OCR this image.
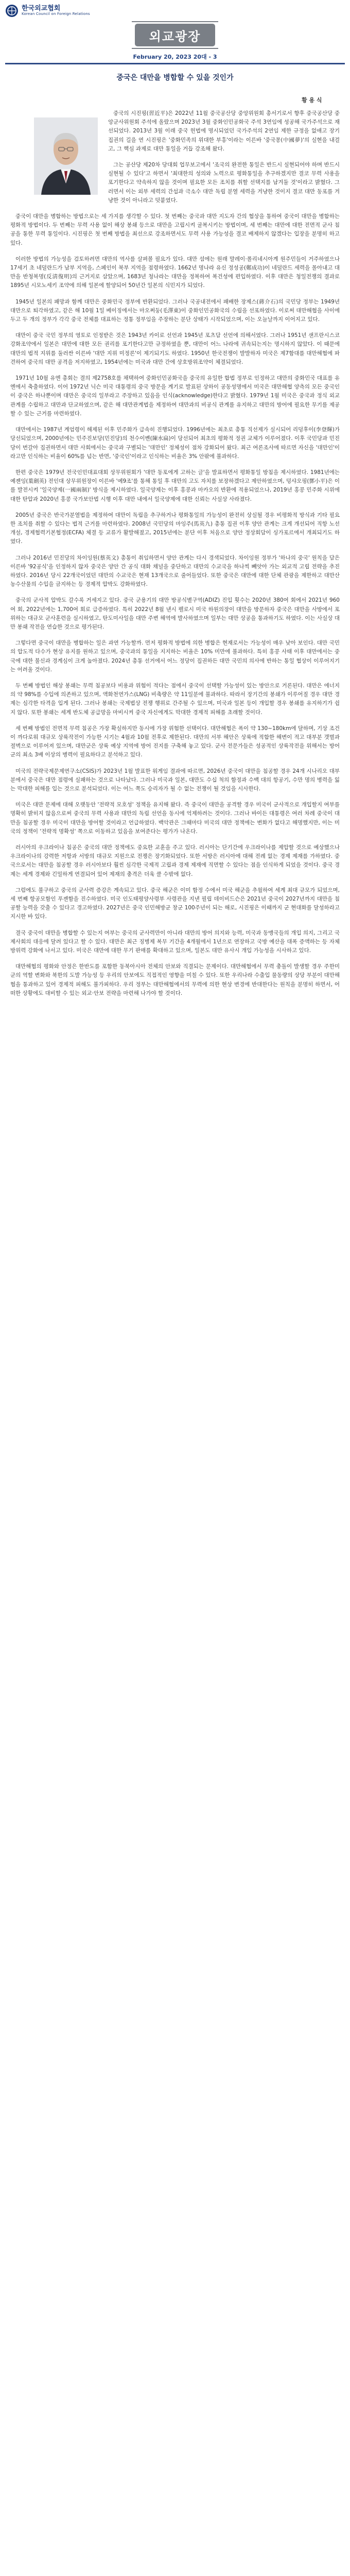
한국외교협회
Korean Council on Foreign Relations
외교광장
February 20, 2023 20대 - 3
중국은 대만을 병합할 수 있을 것인가
황 용 식

중국의 시진핑(習近平)은 2022년 11월 중국공산당 중앙위원회 총서기로서 향후 중국공산당 중앙군사위원회 주석에 올랐으며 2023년 3월 중화인민공화국 주석 3연임에 성공해 국가주석으로 재선되었다. 2013년 3월 이래 중국 헌법에 명시되었던 국가주석의 2연임 제한 규정을 없애고 장기 집권의 길을 연 시진핑은 '중화민족의 위대한 부흥'이라는 이른바 '중국몽(中國夢)'의 실현을 내걸고, 그 핵심 과제로 대만 통일을 거듭 강조해 왔다.

그는 공산당 제20차 당대회 업무보고에서 '조국의 완전한 통일은 반드시 실현되어야 하며 반드시 실현될 수 있다'고 하면서 '최대한의 성의와 노력으로 평화통일을 추구하겠지만 결코 무력 사용을 포기한다고 약속하지 않을 것이며 필요한 모든 조치를 취할 선택지를 남겨둘 것'이라고 밝혔다. 그러면서 이는 외부 세력의 간섭과 극소수 대만 독립 분열 세력을 겨냥한 것이지 결코 대만 동포를 겨냥한 것이 아니라고 덧붙였다.

중국이 대만을 병합하는 방법으로는 세 가지를 생각할 수 있다. 첫 번째는 중국과 대만 지도자 간의 협상을 통하여 중국이 대만을 병합하는 평화적 방법이다. 두 번째는 무력 사용 없이 해상 봉쇄 등으로 대만을 고립시켜 굴복시키는 방법이며, 세 번째는 대만에 대한 전면적 군사 침공을 통한 무력 통일이다. 시진핑은 첫 번째 방법을 최선으로 강조하면서도 무력 사용 가능성을 결코 배제하지 않겠다는 입장을 분명히 하고 있다.

이러한 방법의 가능성을 검토하려면 대만의 역사를 살펴볼 필요가 있다. 대만 섬에는 원래 말레이·폴리네시아계 원주민들이 거주하였으나 17세기 초 네덜란드가 남부 지역을, 스페인이 북부 지역을 점령하였다. 1662년 명나라 유신 정성공(鄭成功)이 네덜란드 세력을 몰아내고 대만을 반청복명(反淸復明)의 근거지로 삼았으며, 1683년 청나라는 대만을 정복하여 복건성에 편입하였다. 이후 대만은 청일전쟁의 결과로 1895년 시모노세키 조약에 의해 일본에 할양되어 50년간 일본의 식민지가 되었다.

1945년 일본의 패망과 함께 대만은 중화민국 정부에 반환되었다. 그러나 국공내전에서 패배한 장제스(蔣介石)의 국민당 정부는 1949년 대만으로 퇴각하였고, 같은 해 10월 1일 베이징에서는 마오쩌둥(毛澤東)이 중화인민공화국의 수립을 선포하였다. 이로써 대만해협을 사이에 두고 두 개의 정부가 각각 중국 전체를 대표하는 정통 정부임을 주장하는 분단 상태가 시작되었으며, 이는 오늘날까지 이어지고 있다.

대만이 중국 국민 정부의 영토로 인정받은 것은 1943년 카이로 선언과 1945년 포츠담 선언에 의해서였다. 그러나 1951년 샌프란시스코 강화조약에서 일본은 대만에 대한 모든 권리를 포기한다고만 규정하였을 뿐, 대만이 어느 나라에 귀속되는지는 명시하지 않았다. 이 때문에 대만의 법적 지위를 둘러싼 이른바 '대만 지위 미정론'이 제기되기도 하였다. 1950년 한국전쟁이 발발하자 미국은 제7함대를 대만해협에 파견하여 중국의 대만 공격을 저지하였고, 1954년에는 미국과 대만 간에 상호방위조약이 체결되었다.

1971년 10월 유엔 총회는 결의 제2758호를 채택하여 중화인민공화국을 중국의 유일한 합법 정부로 인정하고 대만의 중화민국 대표를 유엔에서 축출하였다. 이어 1972년 닉슨 미국 대통령의 중국 방문을 계기로 발표된 상하이 공동성명에서 미국은 대만해협 양측의 모든 중국인이 중국은 하나뿐이며 대만은 중국의 일부라고 주장하고 있음을 인식(acknowledge)한다고 밝혔다. 1979년 1월 미국은 중국과 정식 외교관계를 수립하고 대만과 단교하였으며, 같은 해 대만관계법을 제정하여 대만과의 비공식 관계를 유지하고 대만의 방어에 필요한 무기를 제공할 수 있는 근거를 마련하였다.

대만에서는 1987년 계엄령이 해제된 이후 민주화가 급속히 진행되었다. 1996년에는 최초로 총통 직선제가 실시되어 리덩후이(李登輝)가 당선되었으며, 2000년에는 민주진보당(민진당)의 천수이볜(陳水扁)이 당선되어 최초의 평화적 정권 교체가 이루어졌다. 이후 국민당과 민진당이 번갈아 집권하면서 대만 사회에서는 중국과 구별되는 '대만인' 정체성이 점차 강화되어 왔다. 최근 여론조사에 따르면 자신을 '대만인'이라고만 인식하는 비율이 60%를 넘는 반면, '중국인'이라고 인식하는 비율은 3% 안팎에 불과하다.

한편 중국은 1979년 전국인민대표대회 상무위원회가 '대만 동포에게 고하는 글'을 발표하면서 평화통일 방침을 제시하였다. 1981년에는 예젠잉(葉劍英) 전인대 상무위원장이 이른바 '예9조'를 통해 통일 후 대만의 고도 자치를 보장하겠다고 제안하였으며, 덩샤오핑(鄧小平)은 이를 발전시켜 '일국양제(一國兩制)' 방식을 제시하였다. 일국양제는 이후 홍콩과 마카오의 반환에 적용되었으나, 2019년 홍콩 민주화 시위에 대한 탄압과 2020년 홍콩 국가보안법 시행 이후 대만 내에서 일국양제에 대한 신뢰는 사실상 사라졌다.

2005년 중국은 반국가분열법을 제정하여 대만이 독립을 추구하거나 평화통일의 가능성이 완전히 상실될 경우 비평화적 방식과 기타 필요한 조치를 취할 수 있다는 법적 근거를 마련하였다. 2008년 국민당의 마잉주(馬英九) 총통 집권 이후 양안 관계는 크게 개선되어 직항 노선 개설, 경제협력기본협정(ECFA) 체결 등 교류가 활발해졌고, 2015년에는 분단 이후 처음으로 양안 정상회담이 싱가포르에서 개최되기도 하였다.

그러나 2016년 민진당의 차이잉원(蔡英文) 총통이 취임하면서 양안 관계는 다시 경색되었다. 차이잉원 정부가 '하나의 중국' 원칙을 담은 이른바 '92공식'을 인정하지 않자 중국은 양안 간 공식 대화 채널을 중단하고 대만의 수교국을 하나씩 빼앗아 가는 외교적 고립 전략을 추진하였다. 2016년 당시 22개국이었던 대만의 수교국은 현재 13개국으로 줄어들었다. 또한 중국은 대만에 대한 단체 관광을 제한하고 대만산 농수산물의 수입을 금지하는 등 경제적 압박도 강화하였다.

중국의 군사적 압박도 갈수록 거세지고 있다. 중국 군용기의 대만 방공식별구역(ADIZ) 진입 횟수는 2020년 380여 회에서 2021년 960여 회, 2022년에는 1,700여 회로 급증하였다. 특히 2022년 8월 낸시 펠로시 미국 하원의장이 대만을 방문하자 중국은 대만을 사방에서 포위하는 대규모 군사훈련을 실시하였고, 탄도미사일을 대만 주변 해역에 발사하였으며 일부는 대만 상공을 통과하기도 하였다. 이는 사실상 대만 봉쇄 작전을 연습한 것으로 평가된다.

그렇다면 중국이 대만을 병합하는 일은 과연 가능할까. 먼저 평화적 방법에 의한 병합은 현재로서는 가능성이 매우 낮아 보인다. 대만 국민의 압도적 다수가 현상 유지를 원하고 있으며, 중국과의 통일을 지지하는 비율은 10% 미만에 불과하다. 특히 홍콩 사태 이후 대만에서는 중국에 대한 불신과 경계심이 크게 높아졌다. 2024년 총통 선거에서 어느 정당이 집권하든 대만 국민의 의사에 반하는 통일 협상이 이루어지기는 어려울 것이다.

두 번째 방법인 해상 봉쇄는 무력 침공보다 비용과 위험이 적다는 점에서 중국이 선택할 가능성이 있는 방안으로 거론된다. 대만은 에너지의 약 98%를 수입에 의존하고 있으며, 액화천연가스(LNG) 비축량은 약 11일분에 불과하다. 따라서 장기간의 봉쇄가 이루어질 경우 대만 경제는 심각한 타격을 입게 된다. 그러나 봉쇄는 국제법상 전쟁 행위로 간주될 수 있으며, 미국과 일본 등이 개입할 경우 봉쇄를 유지하기가 쉽지 않다. 또한 봉쇄는 세계 반도체 공급망을 마비시켜 중국 자신에게도 막대한 경제적 피해를 초래할 것이다.

세 번째 방법인 전면적 무력 침공은 가장 확실하지만 동시에 가장 위험한 선택이다. 대만해협은 폭이 약 130~180km에 달하며, 기상 조건이 까다로워 대규모 상륙작전이 가능한 시기는 4월과 10월 전후로 제한된다. 대만의 서부 해안은 상륙에 적합한 해변이 적고 대부분 갯벌과 절벽으로 이루어져 있으며, 대만군은 상륙 예상 지역에 방어 진지를 구축해 놓고 있다. 군사 전문가들은 성공적인 상륙작전을 위해서는 방어군의 최소 3배 이상의 병력이 필요하다고 분석하고 있다.

미국의 전략국제문제연구소(CSIS)가 2023년 1월 발표한 워게임 결과에 따르면, 2026년 중국이 대만을 침공할 경우 24개 시나리오 대부분에서 중국은 대만 점령에 실패하는 것으로 나타났다. 그러나 미국과 일본, 대만도 수십 척의 함정과 수백 대의 항공기, 수만 명의 병력을 잃는 막대한 피해를 입는 것으로 분석되었다. 이는 어느 쪽도 승리자가 될 수 없는 전쟁이 될 것임을 시사한다.

미국은 대만 문제에 대해 오랫동안 '전략적 모호성' 정책을 유지해 왔다. 즉 중국이 대만을 공격할 경우 미국이 군사적으로 개입할지 여부를 명확히 밝히지 않음으로써 중국의 무력 사용과 대만의 독립 선언을 동시에 억제하려는 것이다. 그러나 바이든 대통령은 여러 차례 중국이 대만을 침공할 경우 미국이 대만을 방어할 것이라고 언급하였다. 백악관은 그때마다 미국의 대만 정책에는 변화가 없다고 해명했지만, 이는 미국의 정책이 '전략적 명확성' 쪽으로 이동하고 있음을 보여준다는 평가가 나온다.

러시아의 우크라이나 침공은 중국의 대만 정책에도 중요한 교훈을 주고 있다. 러시아는 단기간에 우크라이나를 제압할 것으로 예상했으나 우크라이나의 강력한 저항과 서방의 대규모 지원으로 전쟁은 장기화되었다. 또한 서방은 러시아에 대해 전례 없는 경제 제재를 가하였다. 중국으로서는 대만을 침공할 경우 러시아보다 훨씬 심각한 국제적 고립과 경제 제재에 직면할 수 있다는 점을 인식하게 되었을 것이다. 중국 경제는 세계 경제와 긴밀하게 연결되어 있어 제재의 충격은 더욱 클 수밖에 없다.

그럼에도 불구하고 중국의 군사력 증강은 계속되고 있다. 중국 해군은 이미 함정 수에서 미국 해군을 추월하여 세계 최대 규모가 되었으며, 세 번째 항공모함인 푸젠함을 진수하였다. 미국 인도태평양사령부 사령관을 지낸 필립 데이비드슨은 2021년 중국이 2027년까지 대만을 침공할 능력을 갖출 수 있다고 경고하였다. 2027년은 중국 인민해방군 창군 100주년이 되는 해로, 시진핑은 이때까지 군 현대화를 달성하라고 지시한 바 있다.

결국 중국이 대만을 병합할 수 있는지 여부는 중국의 군사력만이 아니라 대만의 방어 의지와 능력, 미국과 동맹국들의 개입 의지, 그리고 국제사회의 대응에 달려 있다고 할 수 있다. 대만은 최근 징병제 복무 기간을 4개월에서 1년으로 연장하고 국방 예산을 대폭 증액하는 등 자체 방위력 강화에 나서고 있다. 미국은 대만에 대한 무기 판매를 확대하고 있으며, 일본도 대만 유사시 개입 가능성을 시사하고 있다.

대만해협의 평화와 안정은 한반도를 포함한 동북아시아 전체의 안보와 직결되는 문제이다. 대만해협에서 무력 충돌이 발생할 경우 주한미군의 역할 변화와 북한의 도발 가능성 등 우리의 안보에도 직접적인 영향을 미칠 수 있다. 또한 우리나라 수출입 물동량의 상당 부분이 대만해협을 통과하고 있어 경제적 피해도 불가피하다. 우리 정부는 대만해협에서의 무력에 의한 현상 변경에 반대한다는 원칙을 분명히 하면서, 어떠한 상황에도 대비할 수 있는 외교·안보 전략을 마련해 나가야 할 것이다.
